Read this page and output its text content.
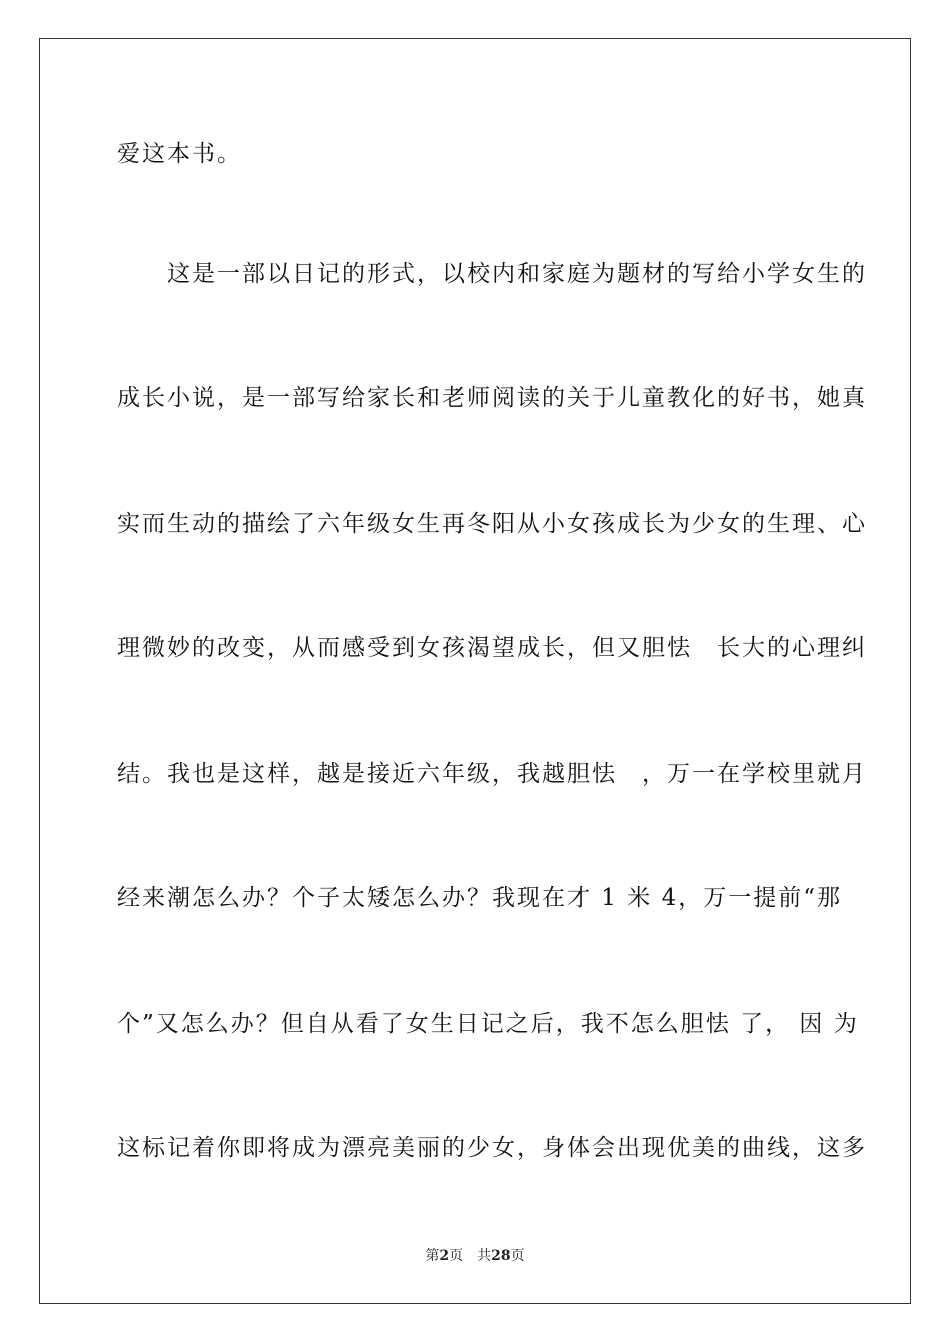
爱这本书。
　　这是一部以日记的形式，以校内和家庭为题材的写给小学女生的
成长小说，是一部写给家长和老师阅读的关于儿童教化的好书，她真
实而生动的描绘了六年级女生再冬阳从小女孩成长为少女的生理、心
理微妙的改变，从而感受到女孩渴望成长，但又胆怯　长大的心理纠
结。我也是这样，越是接近六年级，我越胆怯　，万一在学校里就月
经来潮怎么办？个子太矮怎么办？我现在才 1 米 4，万一提前“那
个”又怎么办？但自从看了女生日记之后，我不怎么胆怯 了， 因 为
这标记着你即将成为漂亮美丽的少女，身体会出现优美的曲线，这多
第2页　共28页
